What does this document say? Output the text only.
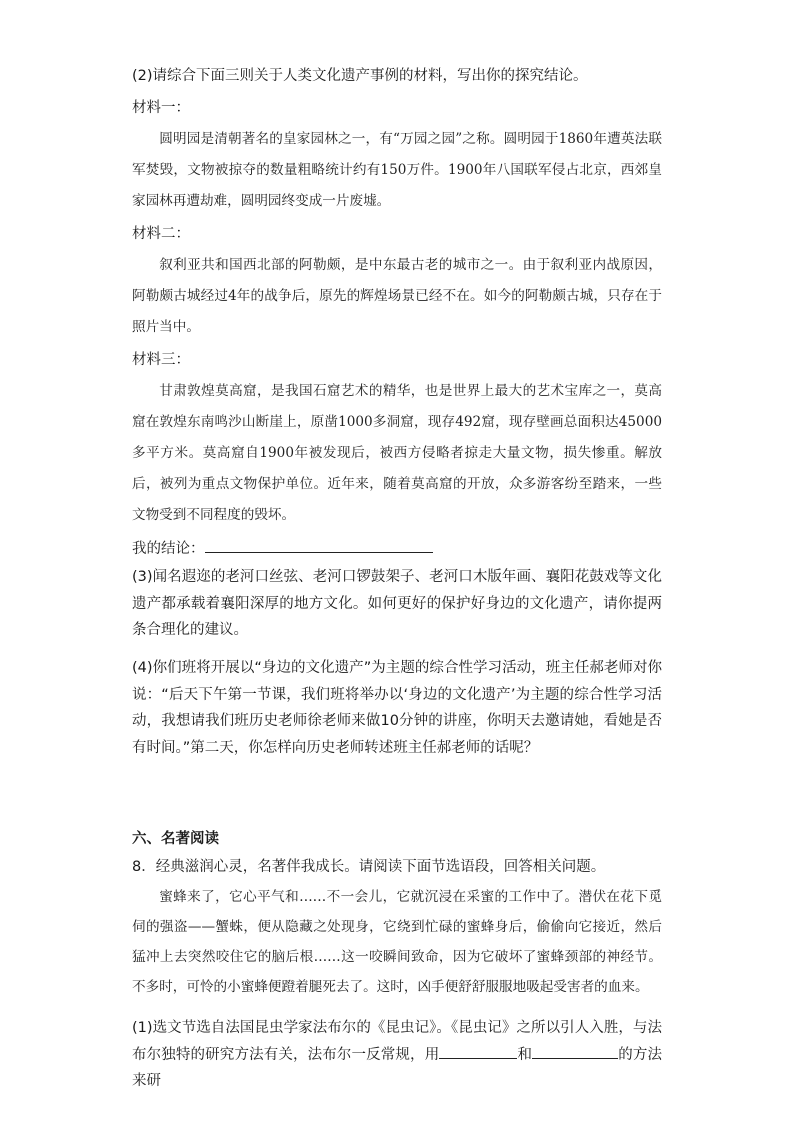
(2)请综合下面三则关于人类文化遗产事例的材料，写出你的探究结论。
材料一：

圆明园是清朝著名的皇家园林之一，有“万园之园”之称。圆明园于1860年遭英法联军焚毁，文物被掠夺的数量粗略统计约有150万件。1900年八国联军侵占北京，西郊皇家园林再遭劫难，圆明园终变成一片废墟。

材料二：

叙利亚共和国西北部的阿勒颇，是中东最古老的城市之一。由于叙利亚内战原因，阿勒颇古城经过4年的战争后，原先的辉煌场景已经不在。如今的阿勒颇古城，只存在于照片当中。

材料三：

甘肃敦煌莫高窟，是我国石窟艺术的精华，也是世界上最大的艺术宝库之一，莫高窟在敦煌东南鸣沙山断崖上，原凿1000多洞窟，现存492窟，现存壁画总面积达45000多平方米。莫高窟自1900年被发现后，被西方侵略者掠走大量文物，损失惨重。解放后，被列为重点文物保护单位。近年来，随着莫高窟的开放，众多游客纷至踏来，一些文物受到不同程度的毁坏。

我的结论：

(3)闻名遐迩的老河口丝弦、老河口锣鼓架子、老河口木版年画、襄阳花鼓戏等文化遗产都承载着襄阳深厚的地方文化。如何更好的保护好身边的文化遗产，请你提两条合理化的建议。

(4)你们班将开展以“身边的文化遗产”为主题的综合性学习活动，班主任郝老师对你说：“后天下午第一节课，我们班将举办以‘身边的文化遗产’为主题的综合性学习活动，我想请我们班历史老师徐老师来做10分钟的讲座，你明天去邀请她，看她是否有时间。”第二天，你怎样向历史老师转述班主任郝老师的话呢？

六、名著阅读
8．经典滋润心灵，名著伴我成长。请阅读下面节选语段，回答相关问题。

蜜蜂来了，它心平气和……不一会儿，它就沉浸在采蜜的工作中了。潜伏在花下觅伺的强盗——蟹蛛，便从隐藏之处现身，它绕到忙碌的蜜蜂身后，偷偷向它接近，然后猛冲上去突然咬住它的脑后根……这一咬瞬间致命，因为它破坏了蜜蜂颈部的神经节。不多时，可怜的小蜜蜂便蹬着腿死去了。这时，凶手便舒舒服服地吸起受害者的血来。

(1)选文节选自法国昆虫学家法布尔的《昆虫记》。《昆虫记》之所以引人入胜，与法布尔独特的研究方法有关，法布尔一反常规，用	和	的方法来研
